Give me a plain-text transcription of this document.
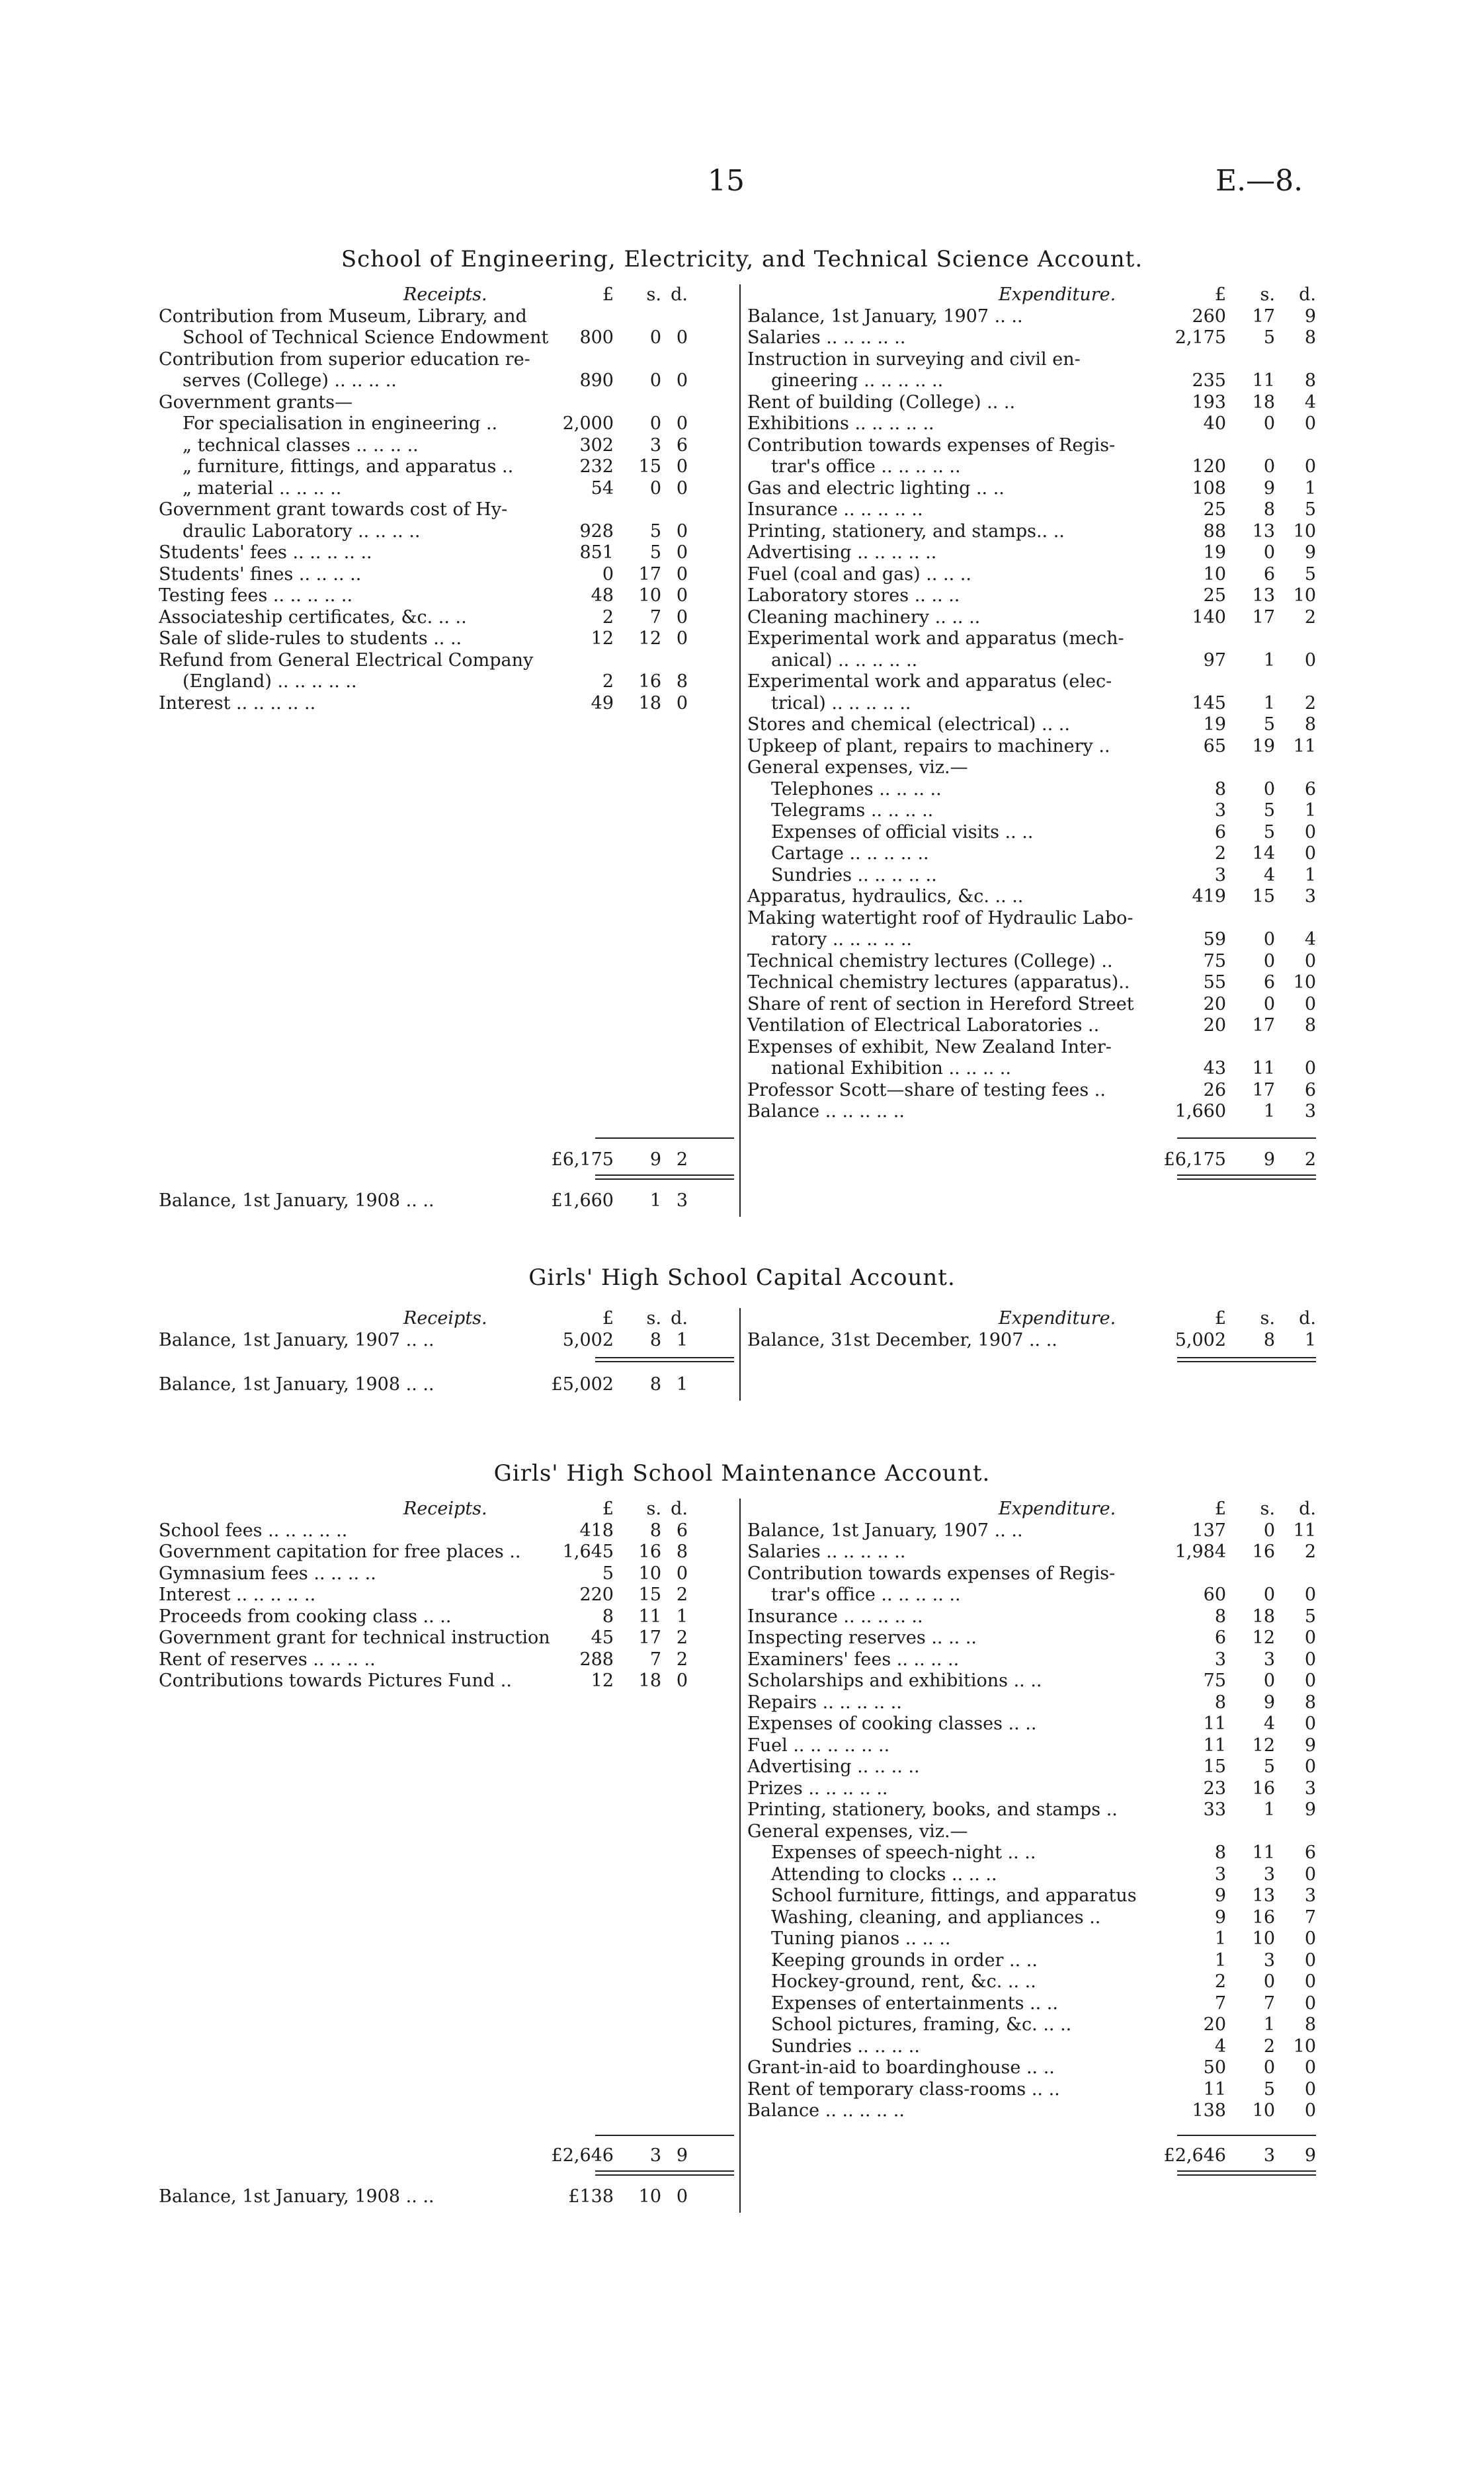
15	E.—8.
School of Engineering, Electricity, and Technical Science Account.
Receipts.	£	s. d.
Contribution from Museum, Library, and
School of Technical Science Endowment	800	0 0
Contribution from superior education re-
serves (College) .. .. .. ..	890	0 0
Government grants—
For specialisation in engineering ..	2,000	0 0
„ technical classes .. .. .. ..	302	3 6
„ furniture, fittings, and apparatus ..	232	15 0
„ material .. .. .. ..	54	0 0
Government grant towards cost of Hy-
draulic Laboratory .. .. .. ..	928	5 0
Students' fees .. .. .. .. ..	851	5 0
Students' fines .. .. .. ..	0	17 0
Testing fees .. .. .. .. ..	48	10 0
Associateship certificates, &c. .. ..	2	7 0
Sale of slide-rules to students .. ..	12	12 0
Refund from General Electrical Company
(England) .. .. .. .. ..	2	16 8
Interest .. .. .. .. ..	49	18 0
£6,175	9 2
Balance, 1st January, 1908 .. ..	£1,660	1 3
Expenditure.	£	s.	d.
Balance, 1st January, 1907 .. ..	260	17	9
Salaries .. .. .. .. ..	2,175	5	8
Instruction in surveying and civil en-
gineering .. .. .. .. ..	235	11	8
Rent of building (College) .. ..	193	18	4
Exhibitions .. .. .. .. ..	40	0	0
Contribution towards expenses of Regis-
trar's office .. .. .. .. ..	120	0	0
Gas and electric lighting .. ..	108	9	1
Insurance .. .. .. .. ..	25	8	5
Printing, stationery, and stamps.. ..	88	13	10
Advertising .. .. .. .. ..	19	0	9
Fuel (coal and gas) .. .. ..	10	6	5
Laboratory stores .. .. ..	25	13	10
Cleaning machinery .. .. ..	140	17	2
Experimental work and apparatus (mech-
anical) .. .. .. .. ..	97	1	0
Experimental work and apparatus (elec-
trical) .. .. .. .. ..	145	1	2
Stores and chemical (electrical) .. ..	19	5	8
Upkeep of plant, repairs to machinery ..	65	19	11
General expenses, viz.—
Telephones .. .. .. ..	8	0	6
Telegrams .. .. .. ..	3	5	1
Expenses of official visits .. ..	6	5	0
Cartage .. .. .. .. ..	2	14	0
Sundries .. .. .. .. ..	3	4	1
Apparatus, hydraulics, &c. .. ..	419	15	3
Making watertight roof of Hydraulic Labo-
ratory .. .. .. .. ..	59	0	4
Technical chemistry lectures (College) ..	75	0	0
Technical chemistry lectures (apparatus)..	55	6	10
Share of rent of section in Hereford Street	20	0	0
Ventilation of Electrical Laboratories ..	20	17	8
Expenses of exhibit, New Zealand Inter-
national Exhibition .. .. .. ..	43	11	0
Professor Scott—share of testing fees ..	26	17	6
Balance .. .. .. .. ..	1,660	1	3
£6,175	9	2
Girls' High School Capital Account.
Receipts.	£	s. d.
Balance, 1st January, 1907 .. ..	5,002	8 1
Balance, 1st January, 1908 .. ..	£5,002	8 1
Expenditure.	£	s.	d.
Balance, 31st December, 1907 .. ..	5,002	8	1
Girls' High School Maintenance Account.
Receipts.	£	s. d.
School fees .. .. .. .. ..	418	8 6
Government capitation for free places ..	1,645	16 8
Gymnasium fees .. .. .. ..	5	10 0
Interest .. .. .. .. ..	220	15 2
Proceeds from cooking class .. ..	8	11 1
Government grant for technical instruction	45	17 2
Rent of reserves .. .. .. ..	288	7 2
Contributions towards Pictures Fund ..	12	18 0
£2,646	3 9
Balance, 1st January, 1908 .. ..	£138	10 0
Expenditure.	£	s.	d.
Balance, 1st January, 1907 .. ..	137	0	11
Salaries .. .. .. .. ..	1,984	16	2
Contribution towards expenses of Regis-
trar's office .. .. .. .. ..	60	0	0
Insurance .. .. .. .. ..	8	18	5
Inspecting reserves .. .. ..	6	12	0
Examiners' fees .. .. .. ..	3	3	0
Scholarships and exhibitions .. ..	75	0	0
Repairs .. .. .. .. ..	8	9	8
Expenses of cooking classes .. ..	11	4	0
Fuel .. .. .. .. .. ..	11	12	9
Advertising .. .. .. ..	15	5	0
Prizes .. .. .. .. ..	23	16	3
Printing, stationery, books, and stamps ..	33	1	9
General expenses, viz.—
Expenses of speech-night .. ..	8	11	6
Attending to clocks .. .. ..	3	3	0
School furniture, fittings, and apparatus	9	13	3
Washing, cleaning, and appliances ..	9	16	7
Tuning pianos .. .. ..	1	10	0
Keeping grounds in order .. ..	1	3	0
Hockey-ground, rent, &c. .. ..	2	0	0
Expenses of entertainments .. ..	7	7	0
School pictures, framing, &c. .. ..	20	1	8
Sundries .. .. .. ..	4	2	10
Grant-in-aid to boardinghouse .. ..	50	0	0
Rent of temporary class-rooms .. ..	11	5	0
Balance .. .. .. .. ..	138	10	0
£2,646	3	9
